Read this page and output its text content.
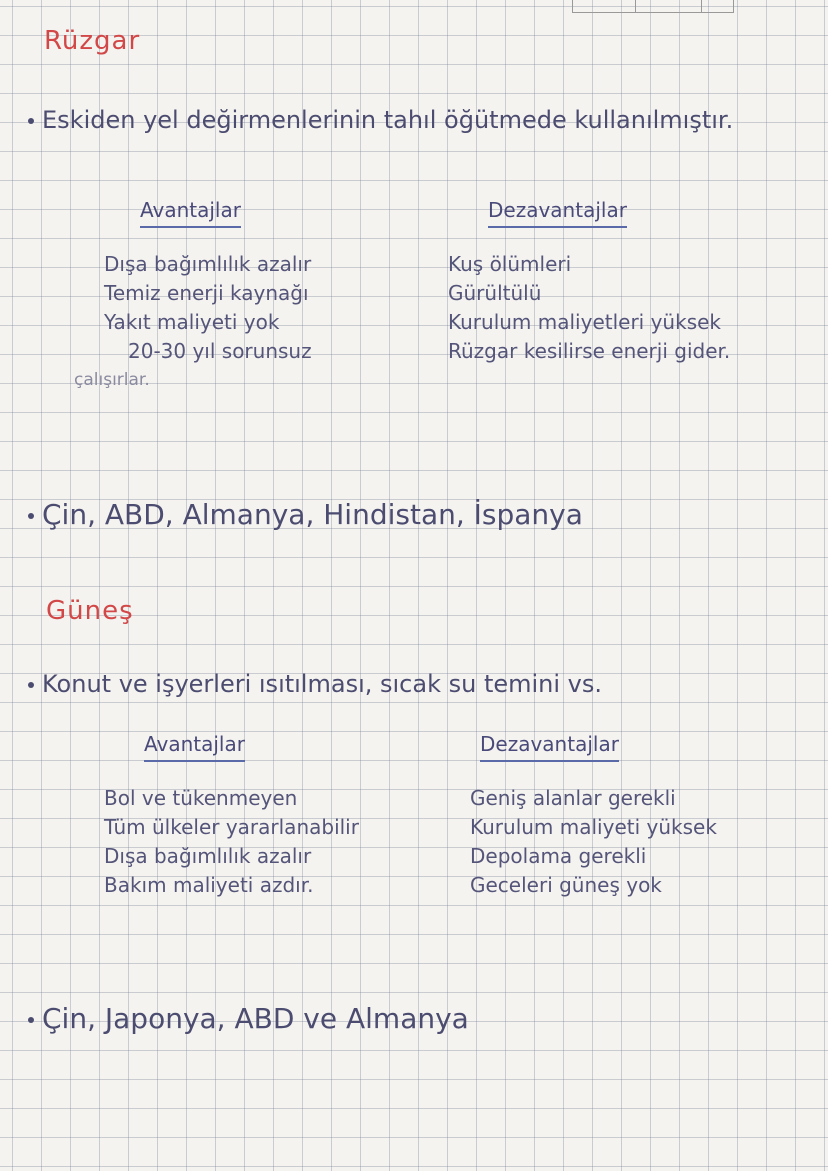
Rüzgar
Eskiden yel değirmenlerinin tahıl öğütmede kullanılmıştır.
Avantajlar
Dışa bağımlılık azalır
Temiz enerji kaynağı
Yakıt maliyeti yok
20-30 yıl sorunsuz
çalışırlar.
Dezavantajlar
Kuş ölümleri
Gürültülü
Kurulum maliyetleri yüksek
Rüzgar kesilirse enerji gider.
Çin, ABD, Almanya, Hindistan, İspanya
Güneş
Konut ve işyerleri ısıtılması, sıcak su temini vs.
Avantajlar
Bol ve tükenmeyen
Tüm ülkeler yararlanabilir
Dışa bağımlılık azalır
Bakım maliyeti azdır.
Dezavantajlar
Geniş alanlar gerekli
Kurulum maliyeti yüksek
Depolama gerekli
Geceleri güneş yok
Çin, Japonya, ABD ve Almanya
